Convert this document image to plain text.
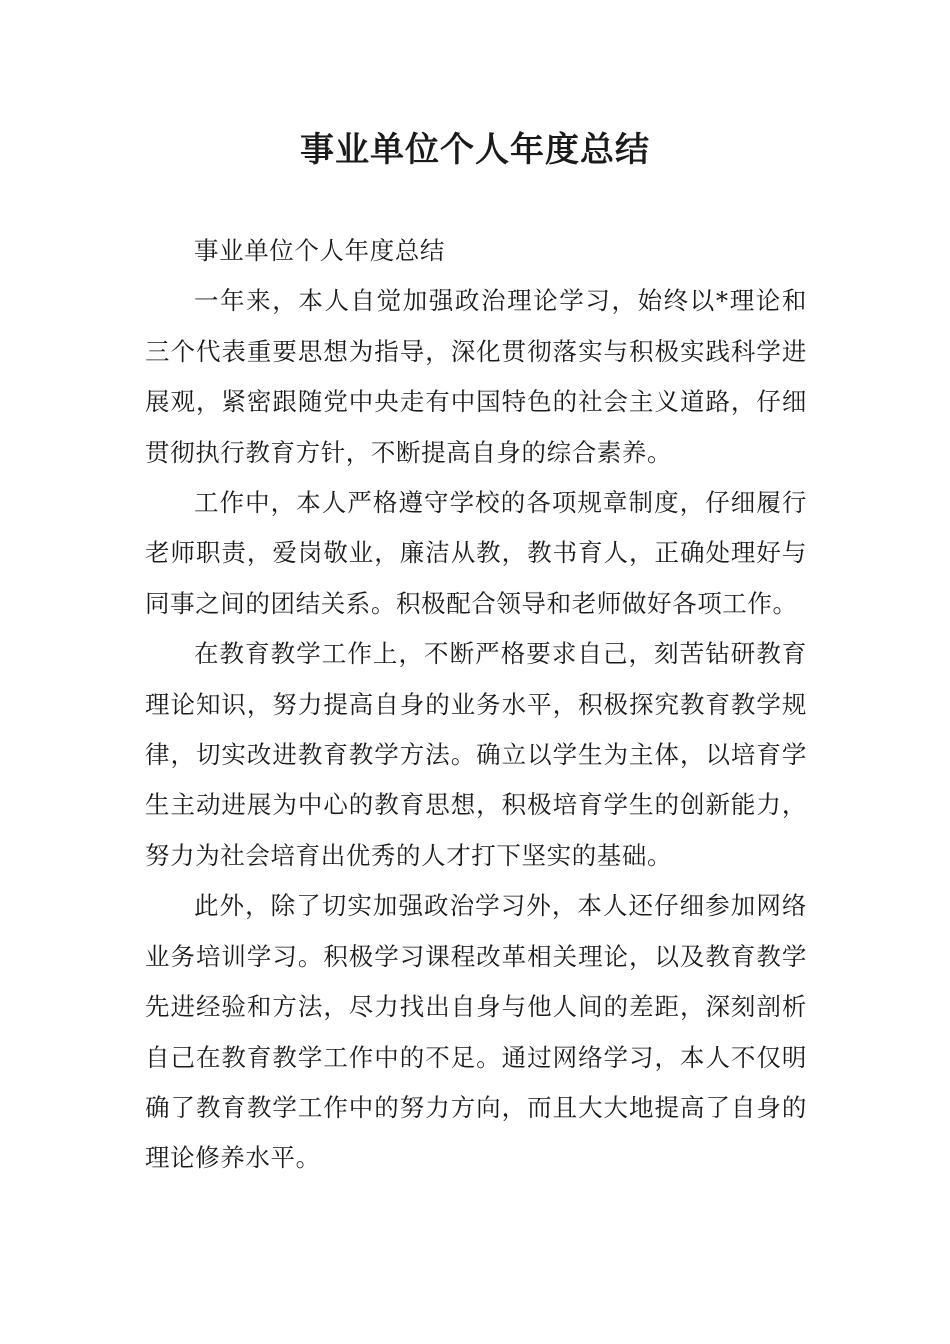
事业单位个人年度总结

事业单位个人年度总结

一年来，本人自觉加强政治理论学习，始终以*理论和三个代表重要思想为指导，深化贯彻落实与积极实践科学进展观，紧密跟随党中央走有中国特色的社会主义道路，仔细贯彻执行教育方针，不断提高自身的综合素养。

工作中，本人严格遵守学校的各项规章制度，仔细履行老师职责，爱岗敬业，廉洁从教，教书育人，正确处理好与同事之间的团结关系。积极配合领导和老师做好各项工作。

在教育教学工作上，不断严格要求自己，刻苦钻研教育理论知识，努力提高自身的业务水平，积极探究教育教学规律，切实改进教育教学方法。确立以学生为主体，以培育学生主动进展为中心的教育思想，积极培育学生的创新能力，努力为社会培育出优秀的人才打下坚实的基础。

此外，除了切实加强政治学习外，本人还仔细参加网络业务培训学习。积极学习课程改革相关理论，以及教育教学先进经验和方法，尽力找出自身与他人间的差距，深刻剖析自己在教育教学工作中的不足。通过网络学习，本人不仅明确了教育教学工作中的努力方向，而且大大地提高了自身的理论修养水平。
